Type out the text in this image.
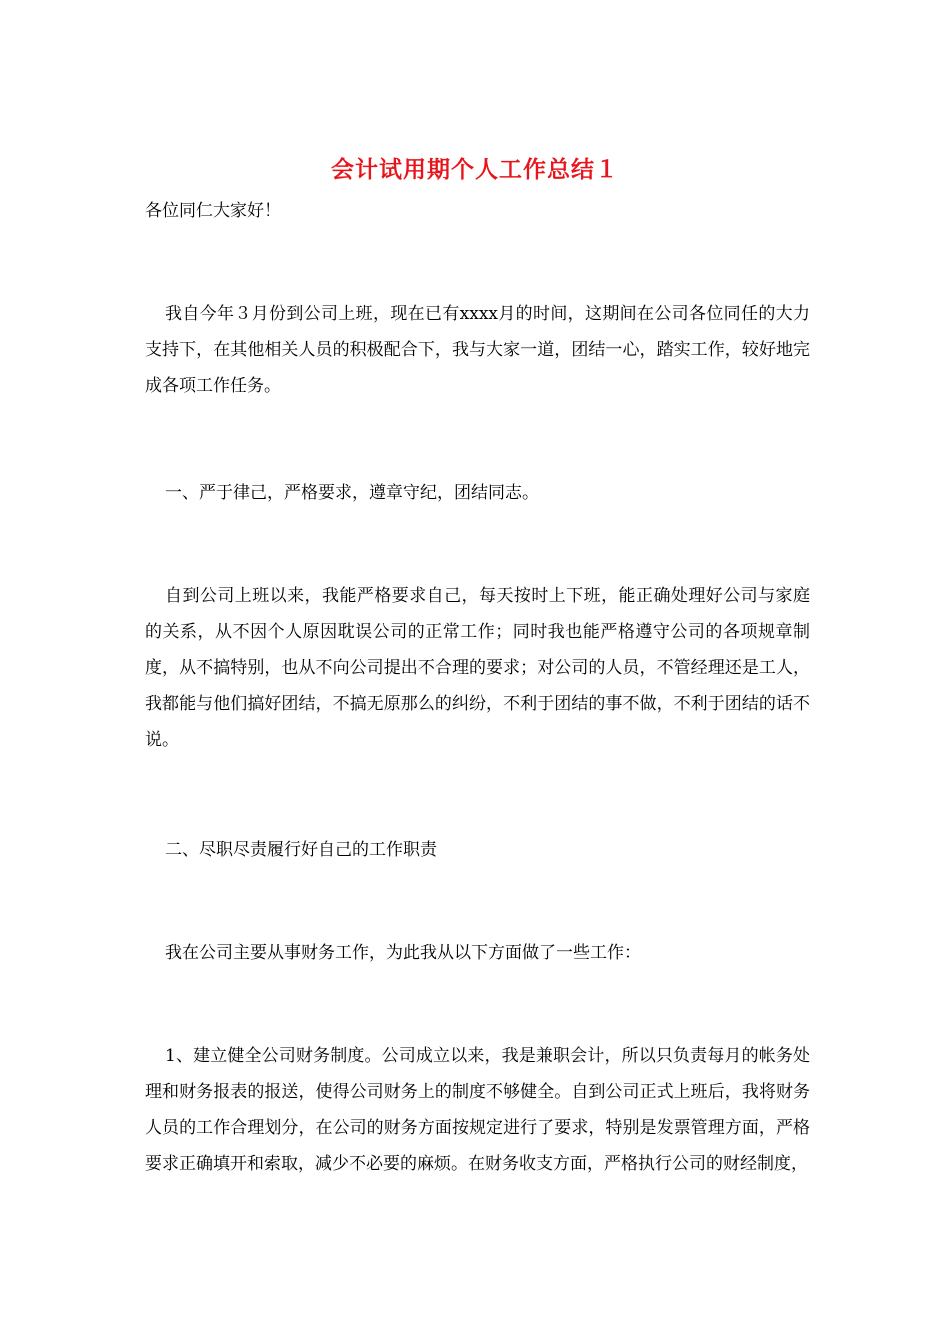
会计试用期个人工作总结１
各位同仁大家好！

我自今年３月份到公司上班，现在已有xxxx月的时间，这期间在公司各位同任的大力支持下，在其他相关人员的积极配合下，我与大家一道，团结一心，踏实工作，较好地完成各项工作任务。

一、严于律己，严格要求，遵章守纪，团结同志。

自到公司上班以来，我能严格要求自己，每天按时上下班，能正确处理好公司与家庭的关系，从不因个人原因耽误公司的正常工作；同时我也能严格遵守公司的各项规章制度，从不搞特别，也从不向公司提出不合理的要求；对公司的人员，不管经理还是工人，我都能与他们搞好团结，不搞无原那么的纠纷，不利于团结的事不做，不利于团结的话不说。

二、尽职尽责履行好自己的工作职责

我在公司主要从事财务工作，为此我从以下方面做了一些工作：

1、建立健全公司财务制度。公司成立以来，我是兼职会计，所以只负责每月的帐务处理和财务报表的报送，使得公司财务上的制度不够健全。自到公司正式上班后，我将财务人员的工作合理划分，在公司的财务方面按规定进行了要求，特别是发票管理方面，严格要求正确填开和索取，减少不必要的麻烦。在财务收支方面，严格执行公司的财经制度，
